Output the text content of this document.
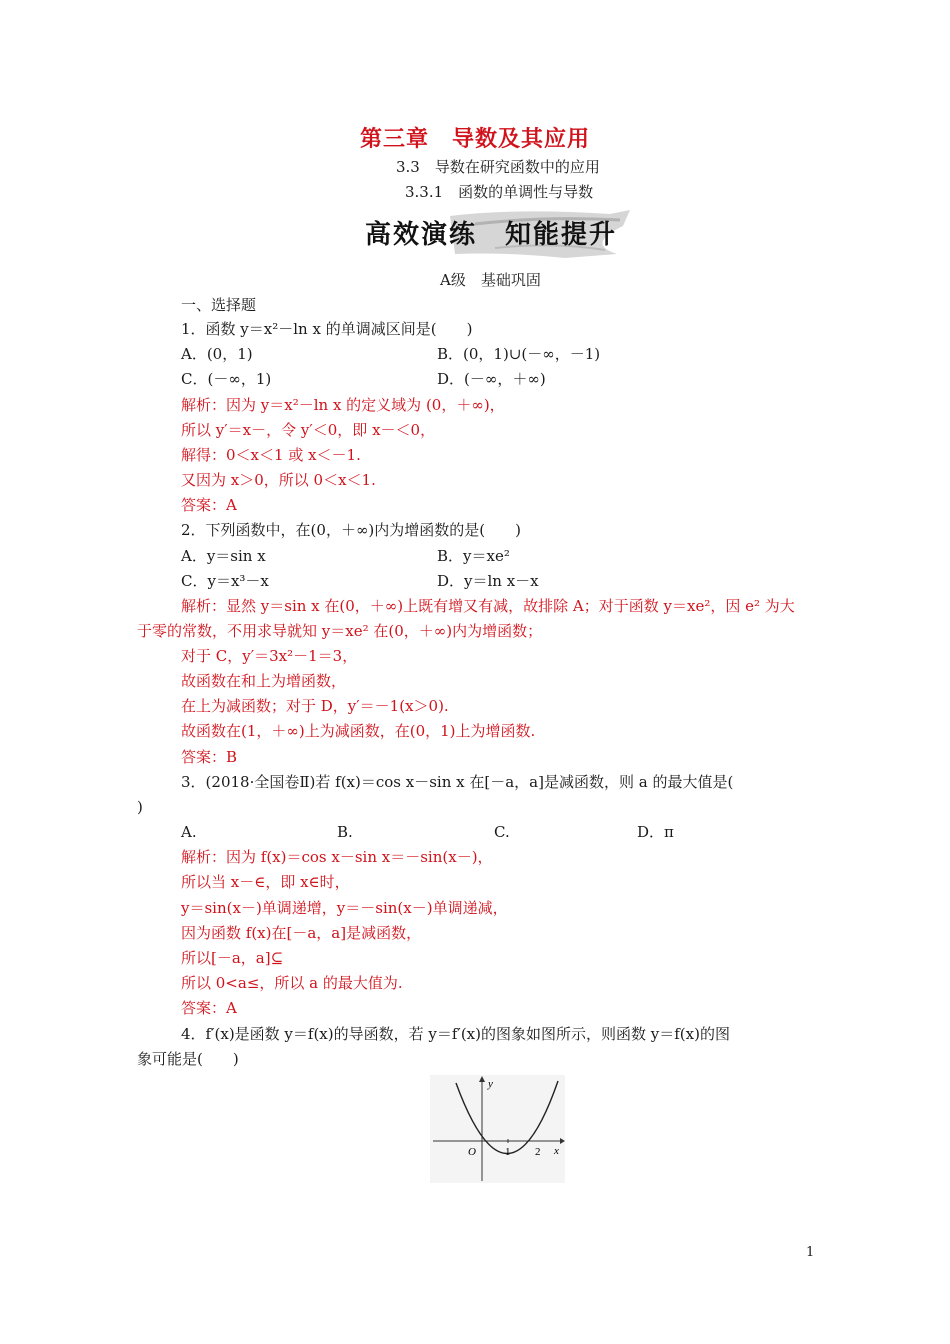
第三章　导数及其应用
3.3　导数在研究函数中的应用
3.3.1　函数的单调性与导数
高效演练　知能提升
A级　基础巩固
一、选择题
1．函数 y＝x²－ln x 的单调减区间是(　　)
A．(0，1)	B．(0，1)∪(－∞，－1)
C．(－∞，1)	D．(－∞，＋∞)
解析：因为 y＝x²－ln x 的定义域为 (0，＋∞)，
所以 y′＝x－，令 y′＜0，即 x－＜0，
解得：0＜x＜1 或 x＜－1.
又因为 x＞0，所以 0＜x＜1.
答案：A
2．下列函数中，在(0，＋∞)内为增函数的是(　　)
A．y＝sin x	B．y＝xe²
C．y＝x³－x	D．y＝ln x－x
解析：显然 y＝sin x 在(0，＋∞)上既有增又有减，故排除 A；对于函数 y＝xe²，因 e² 为大
于零的常数，不用求导就知 y＝xe² 在(0，＋∞)内为增函数；
对于 C，y′＝3x²－1＝3，
故函数在和上为增函数，
在上为减函数；对于 D，y′＝－1(x＞0).
故函数在(1，＋∞)上为减函数，在(0，1)上为增函数.
答案：B
3．(2018·全国卷Ⅱ)若 f(x)＝cos x－sin x 在[－a，a]是减函数，则 a 的最大值是(
)
A.	B.	C.	D．π
解析：因为 f(x)＝cos x－sin x＝－sin(x－)，
所以当 x－∈，即 x∈时，
y＝sin(x－)单调递增，y＝－sin(x－)单调递减，
因为函数 f(x)在[－a，a]是减函数，
所以[－a，a]⊆
所以 0<a≤，所以 a 的最大值为.
答案：A
4．f′(x)是函数 y＝f(x)的导函数，若 y＝f′(x)的图象如图所示，则函数 y＝f(x)的图
象可能是(　　)
y
x
O	1 2
1
